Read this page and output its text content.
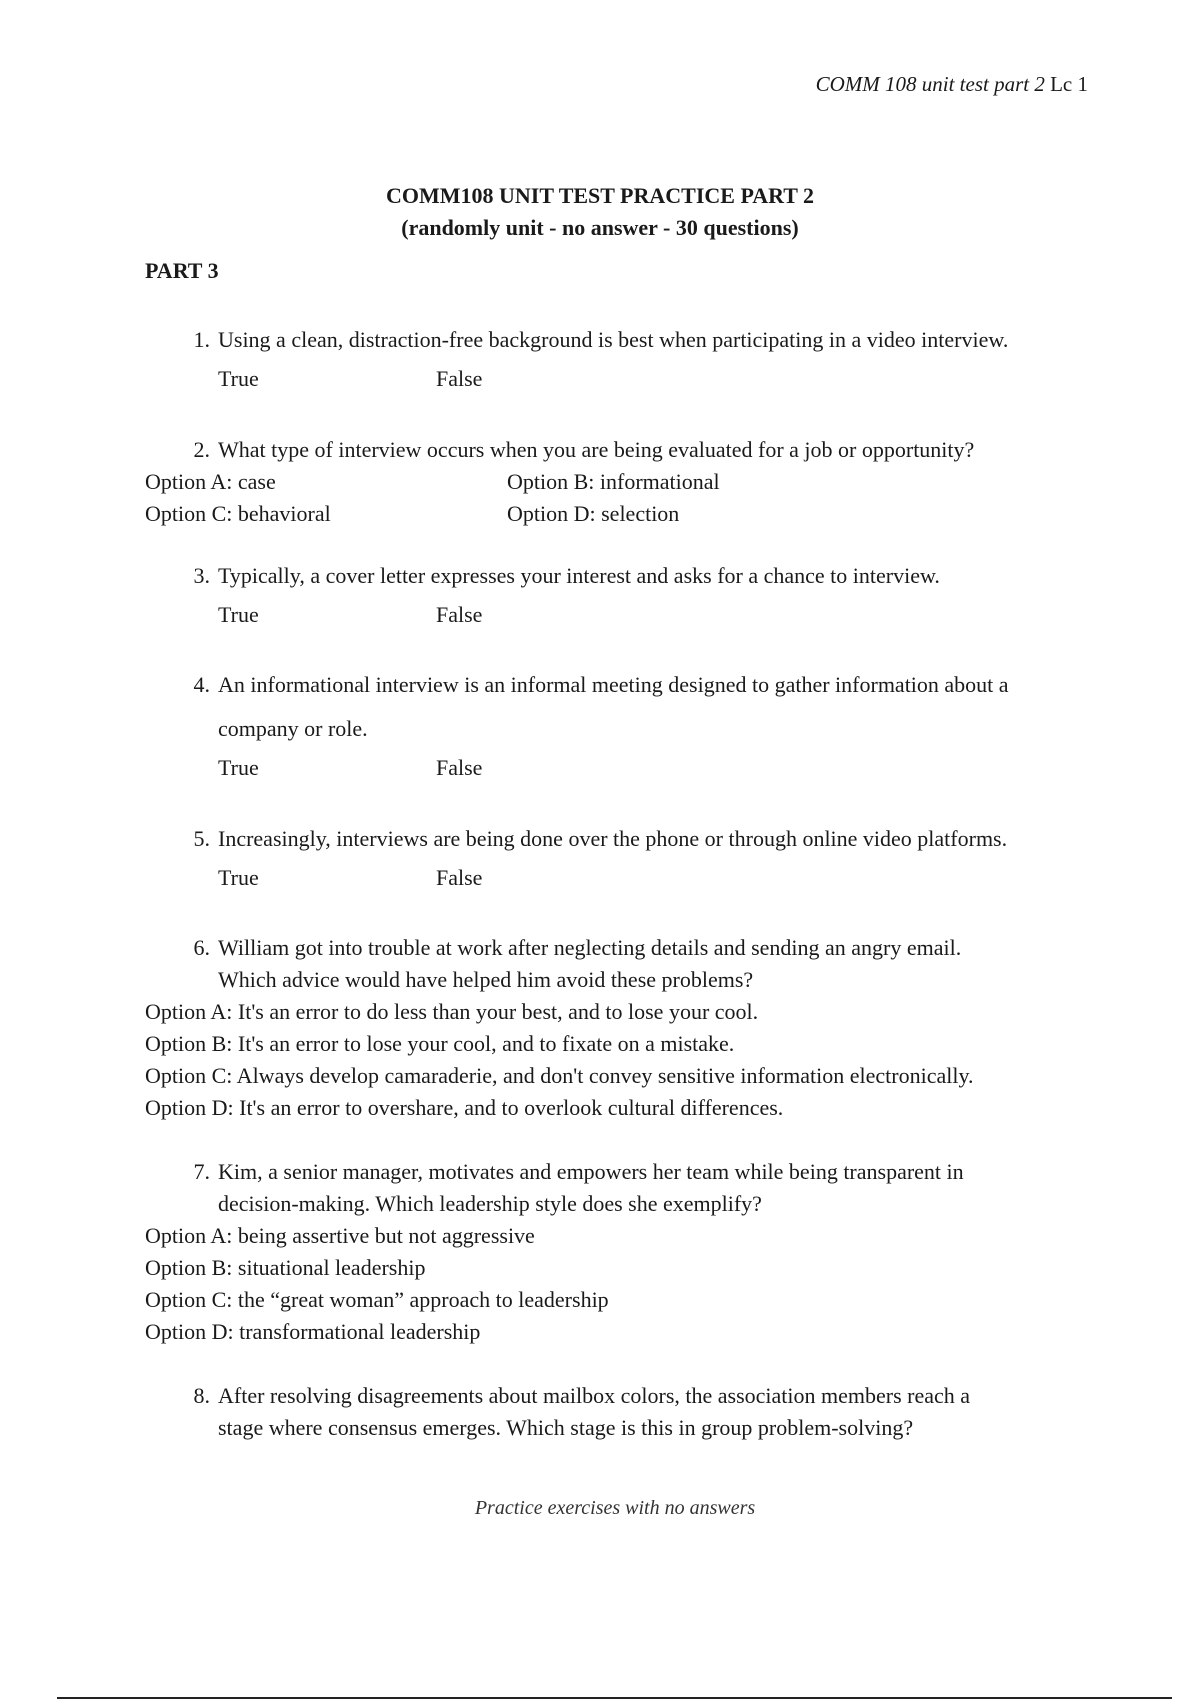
COMM 108 unit test part 2 Lc 1
COMM108 UNIT TEST PRACTICE PART 2
(randomly unit - no answer - 30 questions)
PART 3
1. Using a clean, distraction-free background is best when participating in a video interview.
True	False
2. What type of interview occurs when you are being evaluated for a job or opportunity?
Option A: case	Option B: informational
Option C: behavioral	Option D: selection
3. Typically, a cover letter expresses your interest and asks for a chance to interview.
True	False
4. An informational interview is an informal meeting designed to gather information about a
company or role.
True	False
5. Increasingly, interviews are being done over the phone or through online video platforms.
True	False
6. William got into trouble at work after neglecting details and sending an angry email.
Which advice would have helped him avoid these problems?
Option A: It's an error to do less than your best, and to lose your cool.
Option B: It's an error to lose your cool, and to fixate on a mistake.
Option C: Always develop camaraderie, and don't convey sensitive information electronically.
Option D: It's an error to overshare, and to overlook cultural differences.
7. Kim, a senior manager, motivates and empowers her team while being transparent in
decision-making. Which leadership style does she exemplify?
Option A: being assertive but not aggressive
Option B: situational leadership
Option C: the “great woman” approach to leadership
Option D: transformational leadership
8. After resolving disagreements about mailbox colors, the association members reach a
stage where consensus emerges. Which stage is this in group problem-solving?
Practice exercises with no answers
